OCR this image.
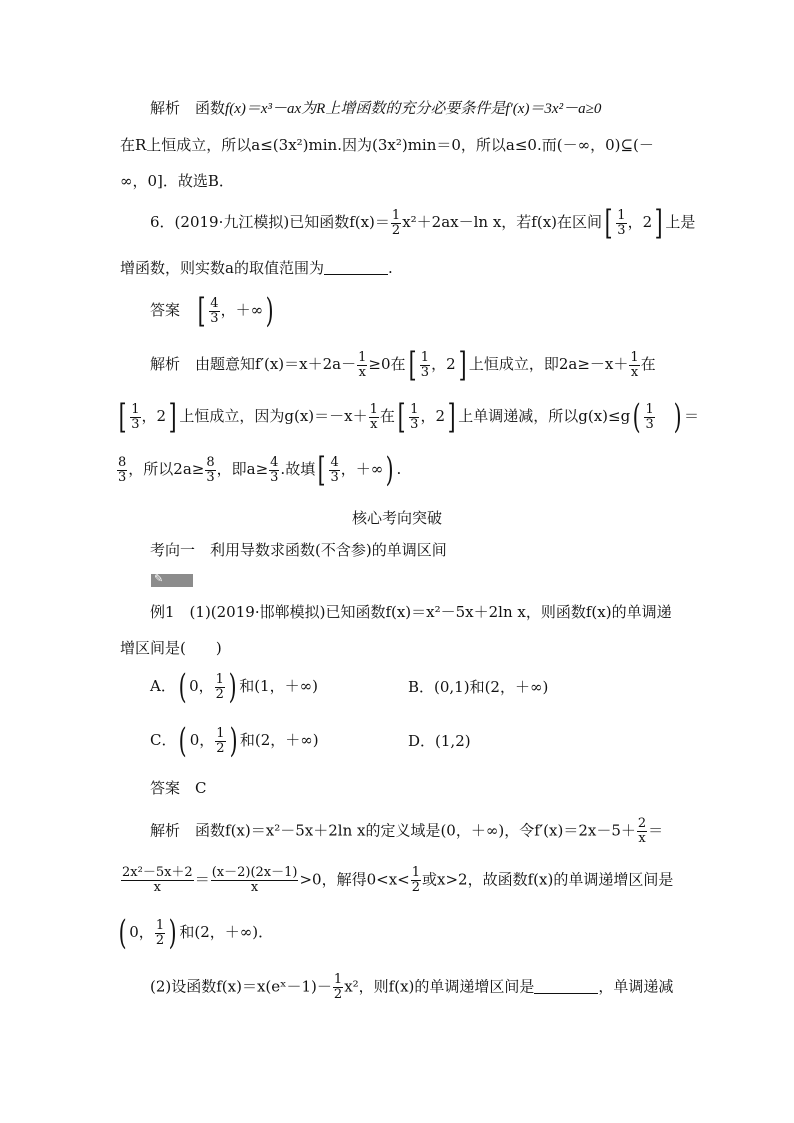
解析　 函数f(x)＝x³－ax为R上增函数的充分必要条件是f′(x)＝3x²－a≥0
在R上恒成立，所以a≤(3x²)min.因为(3x²)min＝0，所以a≤0.而(－∞，0)⊆(－
∞，0]．故选B．
6．(2019·九江模拟)已知函数$f(x)= \frac{1}{2} x^2+2ax-\ln$ x，若f(x)在区间[ $\frac{1}{3}$ ，2] 上是
增函数，则实数a的取值范围为	.
答案　 [ $\frac{4}{3}$ ，＋∞)
解析　 由题意知$f'(x)=x+2a- \frac{1}{x} \ge 0$在[ $\frac{1}{3}$ ，2] 上恒成立，即$2a\ge-x+ \frac{1}{x}$ 在
[ $\frac{1}{3}$ ，2] 上恒成立，因为$g(x)=-x+ \frac{1}{x}$ 在[ $\frac{1}{3}$ ，2] 上单调递减，所以$g(x)\le g( \frac{1}{3}$
　 ) ＝
$\frac{8}{3}$ ，所以$2a\ge \frac{8}{3}$ ，即$a\ge \frac{4}{3}$ .故填[ $\frac{4}{3}$ ，＋∞) .
核心考向突破
考向一　利用导数求函数(不含参)的单调区间
✎
例1　(1)(2019·邯郸模拟)已知函数f(x)＝x²－5x＋2ln x，则函数f(x)的单调递
增区间是(　　)
A．( 0， $\frac{1}{2}$ ) 和(1，＋∞)	B．(0,1)和(2，＋∞)
C．( 0， $\frac{1}{2}$ ) 和(2，＋∞)	D．(1,2)
答案　 C
解析　 函数f(x)＝x²－5x＋2ln x的定义域是(0，＋∞)，令$f'(x)=2x-5+ \frac{2}{x}$ ＝
$\frac{\text{2x²－5x＋2}}{x} = \frac{(x-2)(2x-1)}{x} >0$，解得$0<x< \frac{1}{2}$ 或x>2，故函数f(x)的单调递增区间是
( 0， $\frac{1}{2}$ ) 和(2，＋∞)．
(2)设函数f(x)＝x(eˣ－1)－ $\frac{1}{2} x^2$，则f(x)的单调递增区间是	，单调递减
